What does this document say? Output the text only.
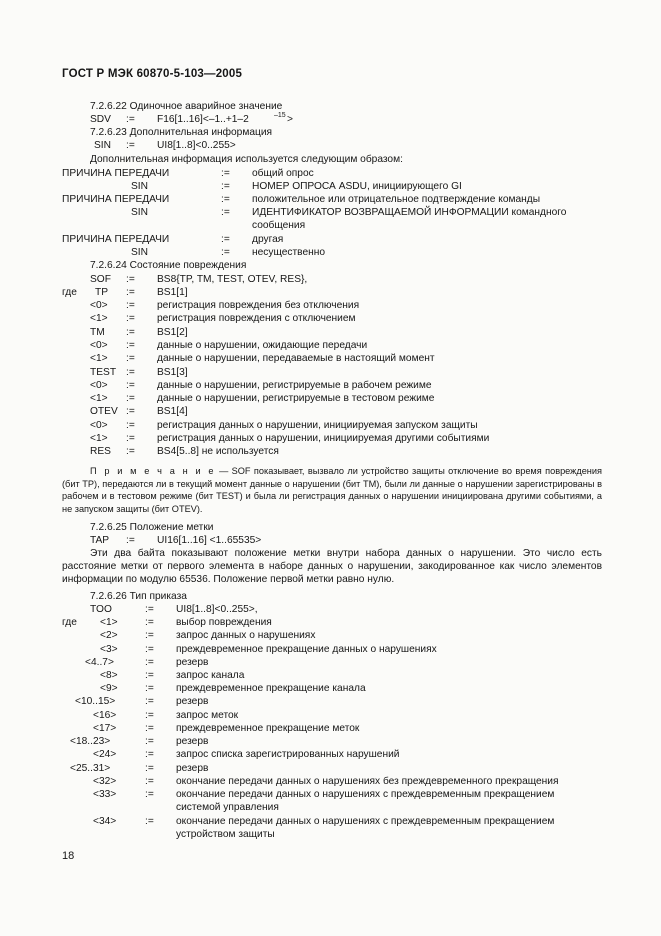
ГОСТ Р МЭК 60870-5-103—2005
7.2.6.22 Одиночное аварийное значение
SDV := F16[1..16]<–1..+1–2	–15 >
7.2.6.23 Дополнительная информация
SIN := UI8[1..8]<0..255>
Дополнительная информация используется следующим образом:
ПРИЧИНА ПЕРЕДАЧИ	:= общий опрос
SIN	:= НОМЕР ОПРОСА ASDU, инициирующего GI
ПРИЧИНА ПЕРЕДАЧИ	:= положительное или отрицательное подтверждение команды
SIN	:= ИДЕНТИФИКАТОР ВОЗВРАЩАЕМОЙ ИНФОРМАЦИИ командного
сообщения
ПРИЧИНА ПЕРЕДАЧИ	:= другая
SIN	:= несущественно
7.2.6.24 Состояние повреждения
SOF := BS8{TP, TM, TEST, OTEV, RES},
где TP := BS1[1]
<0> := регистрация повреждения без отключения
<1> := регистрация повреждения с отключением
TM := BS1[2]
<0> := данные о нарушении, ожидающие передачи
<1> := данные о нарушении, передаваемые в настоящий момент
TEST := BS1[3]
<0> := данные о нарушении, регистрируемые в рабочем режиме
<1> := данные о нарушении, регистрируемые в тестовом режиме
OTEV := BS1[4]
<0> := регистрация данных о нарушении, инициируемая запуском защиты
<1> := регистрация данных о нарушении, инициируемая другими событиями
RES := BS4[5..8] не используется
7.2.6.25 Положение метки
TAP := UI16[1..16] <1..65535>
7.2.6.26 Тип приказа
TOO	:= UI8[1..8]<0..255>,
где <1>	:= выбор повреждения
<2>	:= запрос данных о нарушениях
<3>	:= преждевременное прекращение данных о нарушениях
<4..7>	:= резерв
<8>	:= запрос канала
<9>	:= преждевременное прекращение канала
<10..15>	:= резерв
<16>	:= запрос меток
<17>	:= преждевременное прекращение меток
<18..23>	:= резерв
<24>	:= запрос списка зарегистрированных нарушений
<25..31>	:= резерв
<32>	:= окончание передачи данных о нарушениях без преждевременного прекращения
<33>	:= окончание передачи данных о нарушениях с преждевременным прекращением
системой управления
<34>	:= окончание передачи данных о нарушениях с преждевременным прекращением
устройством защиты
П р и м е ч а н и е — SOF показывает, вызвало ли устройство защиты отключение во время повреждения (бит TP), передаются ли в текущий момент данные о нарушении (бит TM), были ли данные о нарушении зарегистрированы в рабочем и в тестовом режиме (бит TEST) и была ли регистрация данных о нарушении инициирована другими событиями, а не запуском защиты (бит OTEV).
Эти два байта показывают положение метки внутри набора данных о нарушении. Это число есть расстояние метки от первого элемента в наборе данных о нарушении, закодированное как число элементов информации по модулю 65536. Положение первой метки равно нулю.
18
